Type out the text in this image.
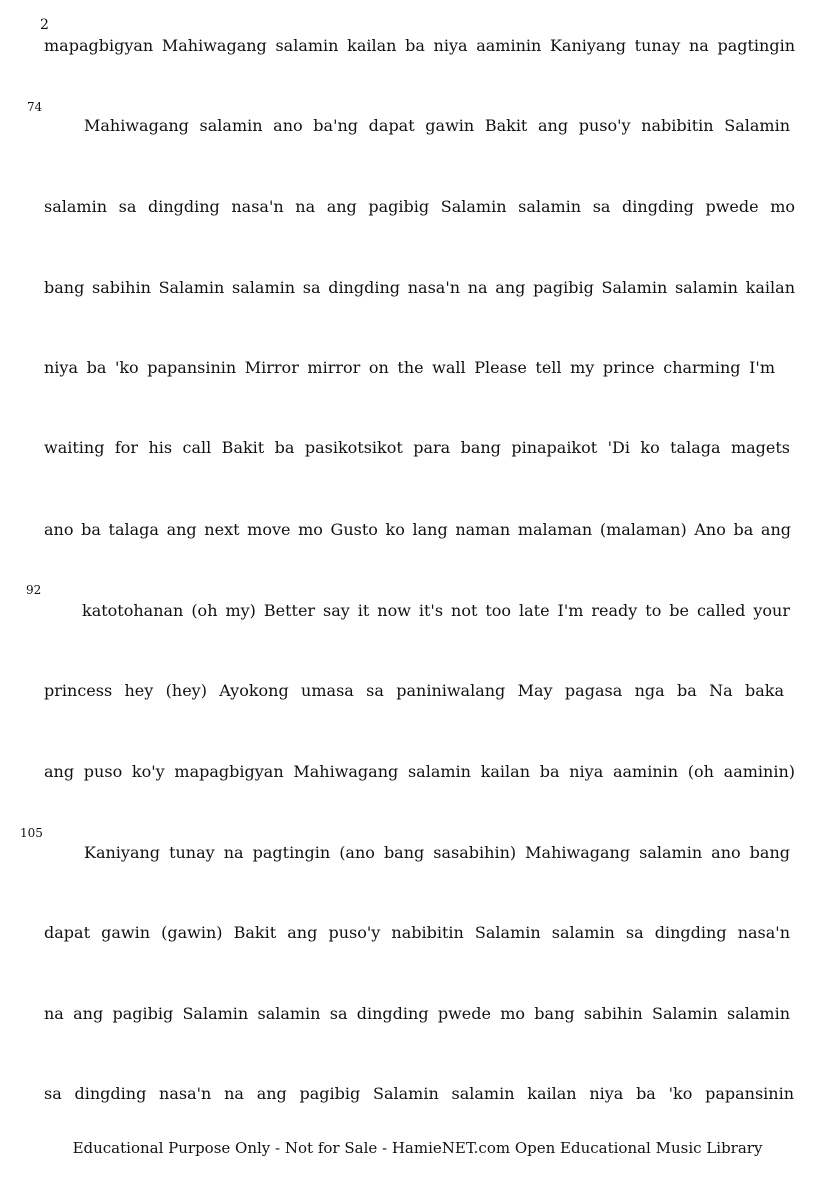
2
74
92
105
mapagbigyan Mahiwagang salamin kailan ba niya aaminin Kaniyang tunay na pagtingin
Mahiwagang salamin ano ba'ng dapat gawin Bakit ang puso'y nabibitin Salamin
salamin sa dingding nasa'n na ang pagibig Salamin salamin sa dingding pwede mo
bang sabihin Salamin salamin sa dingding nasa'n na ang pagibig Salamin salamin kailan
niya ba 'ko papansinin Mirror mirror on the wall Please tell my prince charming I'm
waiting for his call Bakit ba pasikotsikot para bang pinapaikot 'Di ko talaga magets
ano ba talaga ang next move mo Gusto ko lang naman malaman (malaman) Ano ba ang
katotohanan (oh my) Better say it now it's not too late I'm ready to be called your
princess hey (hey) Ayokong umasa sa paniniwalang May pagasa nga ba Na baka
ang puso ko'y mapagbigyan Mahiwagang salamin kailan ba niya aaminin (oh aaminin)
Kaniyang tunay na pagtingin (ano bang sasabihin) Mahiwagang salamin ano bang
dapat gawin (gawin) Bakit ang puso'y nabibitin Salamin salamin sa dingding nasa'n
na ang pagibig Salamin salamin sa dingding pwede mo bang sabihin Salamin salamin
sa dingding nasa'n na ang pagibig Salamin salamin kailan niya ba 'ko papansinin
Educational Purpose Only - Not for Sale - HamieNET.com Open Educational Music Library
